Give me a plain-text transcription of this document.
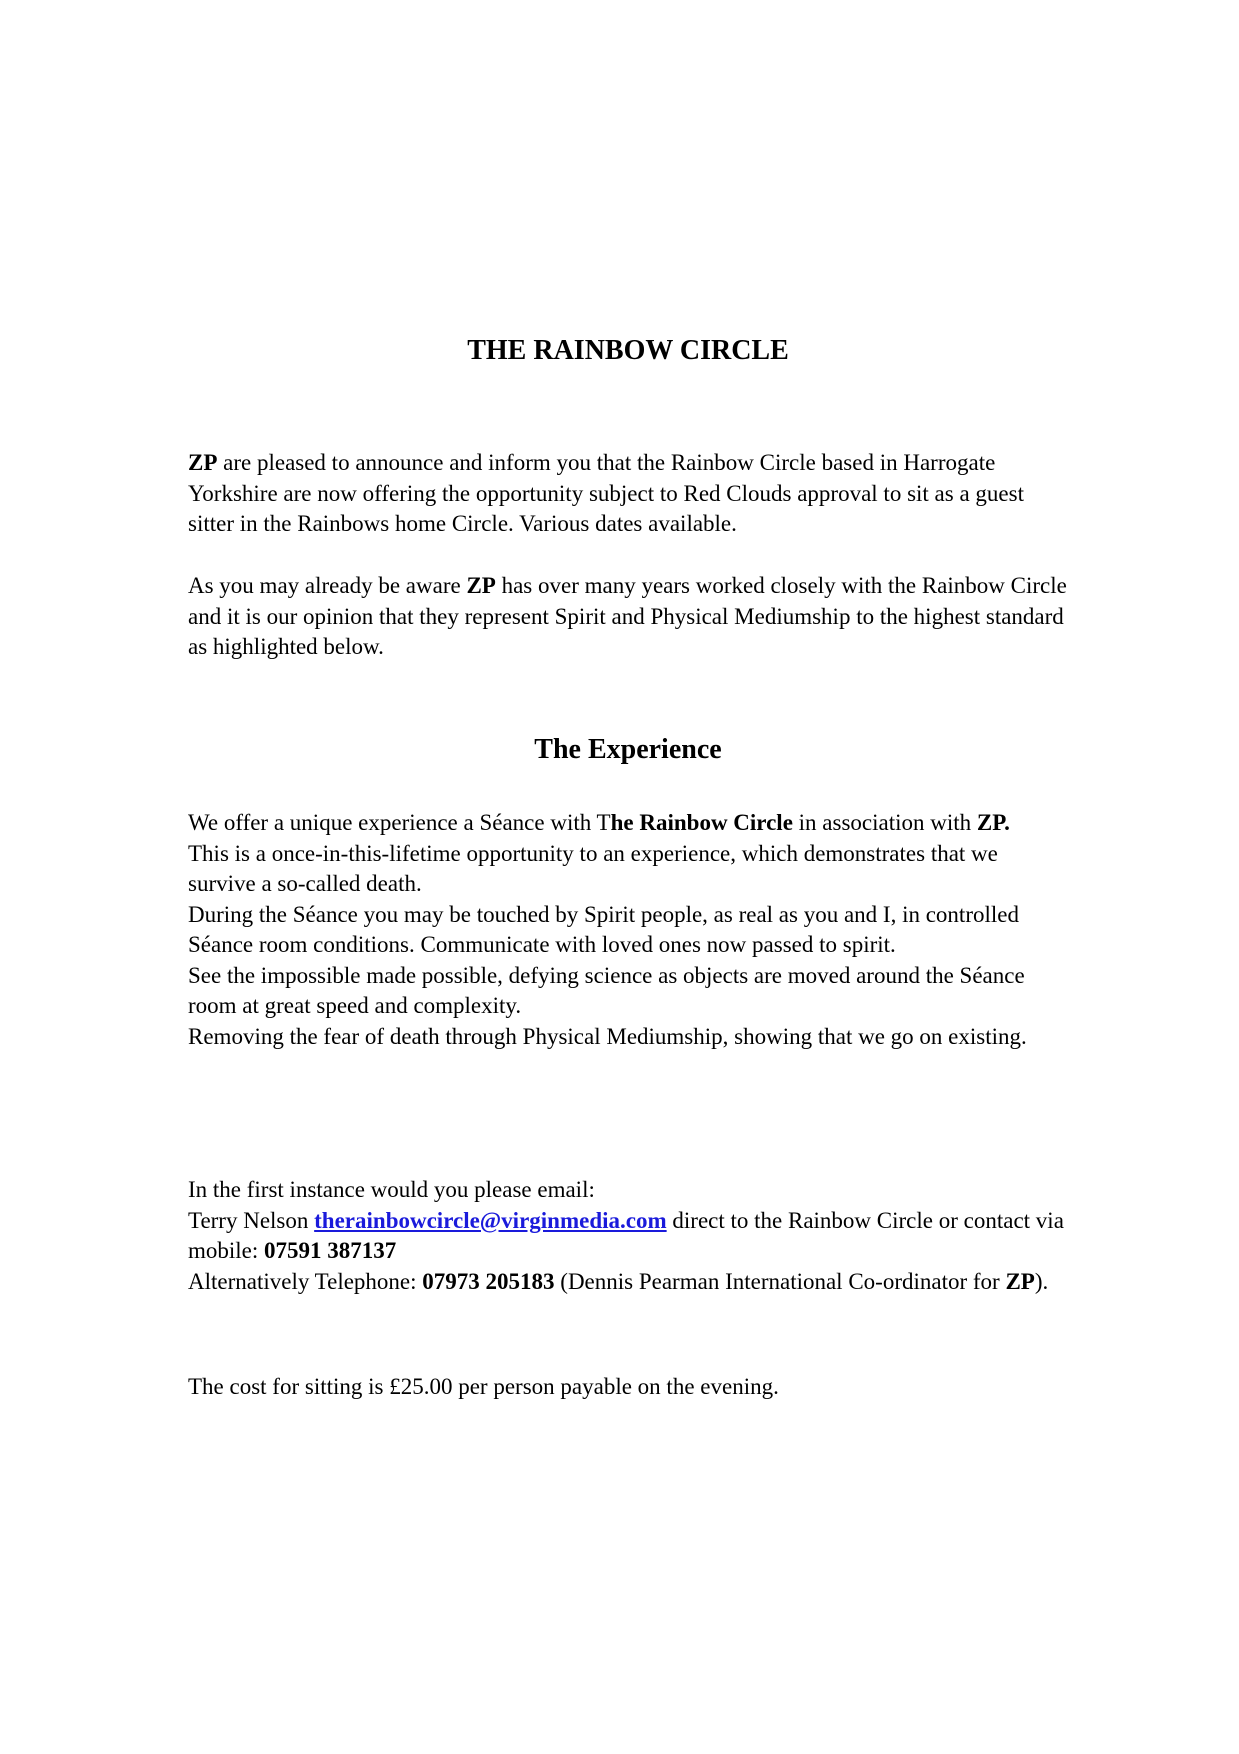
THE RAINBOW CIRCLE

ZP are pleased to announce and inform you that the Rainbow Circle based in Harrogate Yorkshire are now offering the opportunity subject to Red Clouds approval to sit as a guest sitter in the Rainbows home Circle. Various dates available.

As you may already be aware ZP has over many years worked closely with the Rainbow Circle and it is our opinion that they represent Spirit and Physical Mediumship to the highest standard as highlighted below.

The Experience

We offer a unique experience a Séance with The Rainbow Circle in association with ZP.

This is a once-in-this-lifetime opportunity to an experience, which demonstrates that we survive a so-called death.

During the Séance you may be touched by Spirit people, as real as you and I, in controlled Séance room conditions. Communicate with loved ones now passed to spirit.

See the impossible made possible, defying science as objects are moved around the Séance room at great speed and complexity.

Removing the fear of death through Physical Mediumship, showing that we go on existing.

In the first instance would you please email:

Terry Nelson therainbowcircle@virginmedia.com direct to the Rainbow Circle or contact via mobile: 07591 387137

Alternatively Telephone: 07973 205183 (Dennis Pearman International Co-ordinator for ZP).

The cost for sitting is £25.00 per person payable on the evening.
